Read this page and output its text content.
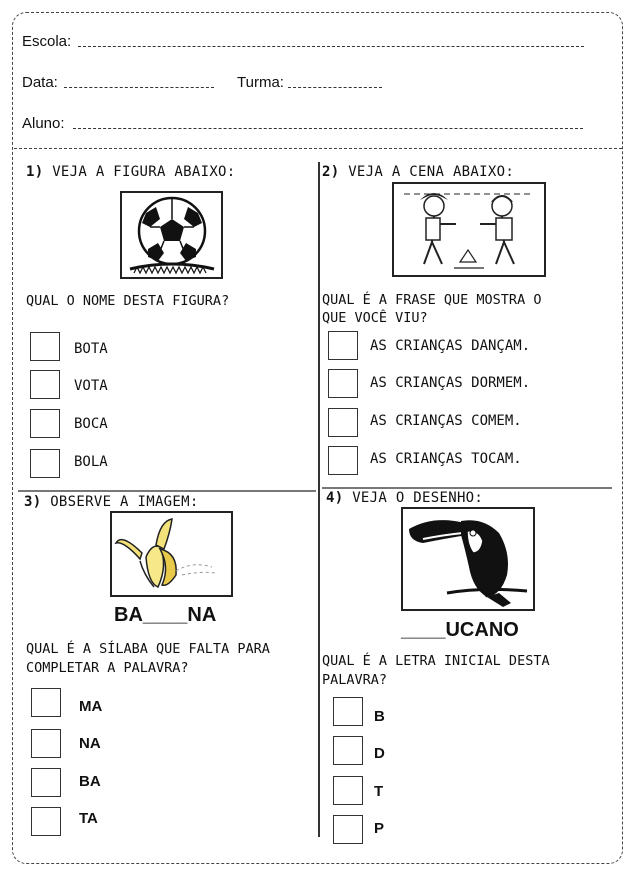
Escola:
Data:	Turma:
Aluno:
1) VEJA A FIGURA ABAIXO:
QUAL O NOME DESTA FIGURA?
BOTA
VOTA
BOCA
BOLA
2) VEJA A CENA ABAIXO:
QUAL É A FRASE QUE MOSTRA O
QUE VOCÊ VIU?
AS CRIANÇAS DANÇAM.
AS CRIANÇAS DORMEM.
AS CRIANÇAS COMEM.
AS CRIANÇAS TOCAM.
3) OBSERVE A IMAGEM:
BA____NA
QUAL É A SÍLABA QUE FALTA PARA
COMPLETAR A PALAVRA?
MA
NA
BA
TA
4) VEJA O DESENHO:
____UCANO
QUAL É A LETRA INICIAL DESTA
PALAVRA?
B
D
T
P
